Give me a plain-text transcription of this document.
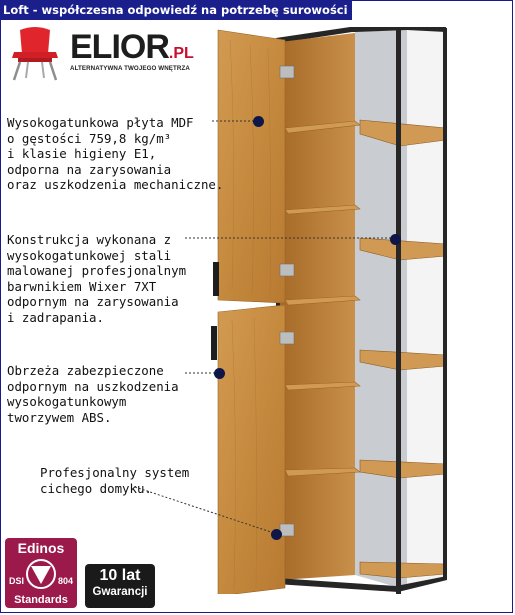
Loft - współczesna odpowiedź na potrzebę surowości
ELIOR.PL
ALTERNATYWNA TWOJEGO WNĘTRZA
Wysokogatunkowa płyta MDF
o gęstości 759,8 kg/m³
i klasie higieny E1,
odporna na zarysowania
oraz uszkodzenia mechaniczne.
Konstrukcja wykonana z
wysokogatunkowej stali
malowanej profesjonalnym
barwnikiem Wixer 7XT
odpornym na zarysowania
i zadrapania.
Obrzeża zabezpieczone
odpornym na uszkodzenia
wysokogatunkowym
tworzywem ABS.
Profesjonalny system
cichego domyku.
Edinos
DSI	804
Standards
10 lat
Gwarancji
